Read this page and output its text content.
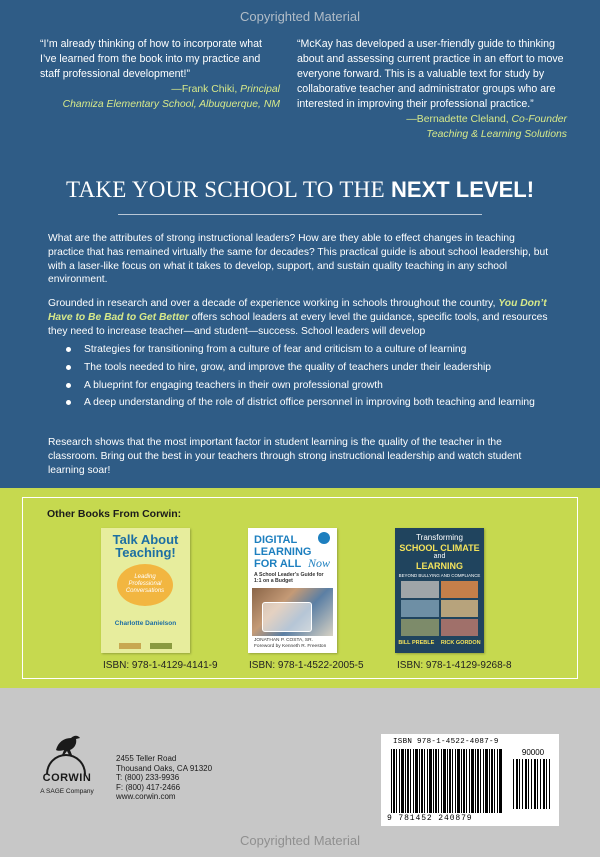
Copyrighted Material
“I’m already thinking of how to incorporate what I’ve learned from the book into my practice and staff professional development!”
—Frank Chiki, Principal
Chamiza Elementary School, Albuquerque, NM
“McKay has developed a user-friendly guide to thinking about and assessing current practice in an effort to move everyone forward. This is a valuable text for study by collaborative teacher and administrator groups who are interested in improving their professional practice.”
—Bernadette Cleland, Co-Founder
Teaching & Learning Solutions
TAKE YOUR SCHOOL TO THE NEXT LEVEL!
What are the attributes of strong instructional leaders? How are they able to effect changes in teaching practice that has remained virtually the same for decades? This practical guide is about school leadership, but with a laser-like focus on what it takes to develop, support, and sustain quality teaching in any school environment.
Grounded in research and over a decade of experience working in schools throughout the country, You Don’t Have to Be Bad to Get Better offers school leaders at every level the guidance, specific tools, and resources they need to increase teacher—and student—success. School leaders will develop
Strategies for transitioning from a culture of fear and criticism to a culture of learning
The tools needed to hire, grow, and improve the quality of teachers under their leadership
A blueprint for engaging teachers in their own professional growth
A deep understanding of the role of district office personnel in improving both teaching and learning
Research shows that the most important factor in student learning is the quality of the teacher in the classroom. Bring out the best in your teachers through strong instructional leadership and watch student learning soar!
Other Books From Corwin:
Talk About Teaching!
Leading Professional Conversations
Charlotte Danielson
ISBN: 978-1-4129-4141-9
DIGITAL
LEARNING
FOR ALL Now
A School Leader’s Guide for 1:1 on a Budget
JONATHAN P. COSTA, SR.
Foreword by Kenneth R. Freeston
ISBN: 978-1-4522-2005-5
Transforming
SCHOOL CLIMATE
and
LEARNING
BEYOND BULLYING AND COMPLIANCE
BILL PREBLE RICK GORDON
ISBN: 978-1-4129-9268-8
CORWIN
A SAGE Company
2455 Teller Road
Thousand Oaks, CA 91320
T: (800) 233-9936
F: (800) 417-2466
www.corwin.com
ISBN 978-1-4522-4087-9
90000
9 781452 240879
Copyrighted Material
